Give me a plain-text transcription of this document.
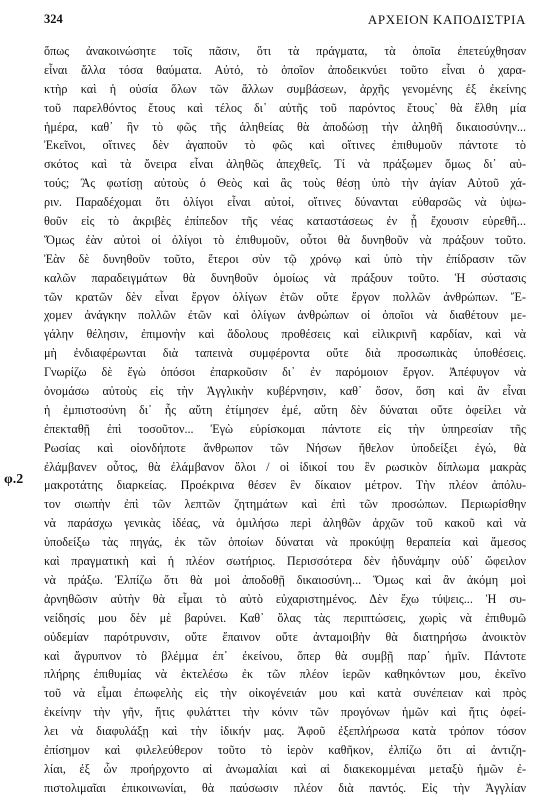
324	ΑΡΧΕΙΟΝ ΚΑΠΟΔΙΣΤΡΙΑ
φ.2
ὅπως ἀνακοινώσητε τοῖς πᾶσιν, ὅτι τὰ πράγματα, τὰ ὁποῖα ἐπετεύχθησαν
εἶναι ἄλλα τόσα θαύματα. Αὐτό, τὸ ὁποῖον ἀποδεικνύει τοῦτο εἶναι ὁ χαρα-
κτὴρ καὶ ἡ οὐσία ὅλων τῶν ἄλλων συμβάσεων, ἀρχῆς γενομένης ἐξ ἐκείνης
τοῦ παρελθόντος ἔτους καὶ τέλος δι᾽ αὐτῆς τοῦ παρόντος ἔτους᾽ θὰ ἔλθη μία
ἡμέρα, καθ᾽ ἣν τὸ φῶς τῆς ἀληθείας θὰ ἀποδώσῃ τὴν ἀληθῆ δικαιοσύνην...
Ἐκεῖνοι, οἵτινες δὲν ἀγαποῦν τὸ φῶς καὶ οἵτινες ἐπιθυμοῦν πάντοτε τὸ
σκότος καὶ τὰ ὄνειρα εἶναι ἀληθῶς ἀπεχθεῖς. Τί νὰ πράξωμεν ὅμως δι᾽ αὐ-
τούς; Ἂς φωτίσῃ αὐτοὺς ὁ Θεὸς καὶ ἂς τοὺς θέσῃ ὑπὸ τὴν ἁγίαν Αὐτοῦ χά-
ριν. Παραδέχομαι ὅτι ὀλίγοι εἶναι αὐτοί, οἵτινες δύνανται εὐθαρσῶς νὰ ὑψω-
θοῦν εἰς τὸ ἀκριβὲς ἐπίπεδον τῆς νέας καταστάσεως ἐν ᾗ ἔχουσιν εὑρεθῆ...
Ὅμως ἐὰν αὐτοὶ οἱ ὀλίγοι τὸ ἐπιθυμοῦν, οὗτοι θὰ δυνηθοῦν νὰ πράξουν τοῦτο.
Ἐὰν δὲ δυνηθοῦν τοῦτο, ἕτεροι σὺν τῷ χρόνῳ καὶ ὑπὸ τὴν ἐπίδρασιν τῶν
καλῶν παραδειγμάτων θὰ δυνηθοῦν ὁμοίως νὰ πράξουν τοῦτο. Ἡ σύστασις
τῶν κρατῶν δὲν εἶναι ἔργον ὀλίγων ἐτῶν οὔτε ἔργον πολλῶν ἀνθρώπων. Ἔ-
χομεν ἀνάγκην πολλῶν ἐτῶν καὶ ὀλίγων ἀνθρώπων οἱ ὁποῖοι νὰ διαθέτουν με-
γάλην θέλησιν, ἐπιμονὴν καὶ ἄδολους προθέσεις καὶ εἰλικρινῆ καρδίαν, καὶ νὰ
μὴ ἐνδιαφέρωνται διὰ ταπεινὰ συμφέροντα οὔτε διὰ προσωπικὰς ὑποθέσεις.
Γνωρίζω δὲ ἔγὼ ὁπόσοι ἐπαρκοῦσιν δι᾽ ἐν παρόμοιον ἔργον. Ἀπέφυγον νὰ
ὀνομάσω αὐτοὺς εἰς τὴν Ἀγγλικὴν κυβέρνησιν, καθ᾽ ὅσον, ὅση καὶ ἂν εἶναι
ἡ ἐμπιστοσύνη δι᾽ ἧς αὕτη ἐτίμησεν ἐμέ, αὕτη δὲν δύναται οὔτε ὀφείλει νὰ
ἐπεκταθῇ ἐπὶ τοσοῦτον... Ἐγὼ εὑρίσκομαι πάντοτε εἰς τὴν ὑπηρεσίαν τῆς
Ρωσίας καὶ οἱονδήποτε ἄνθρωπον τῶν Νήσων ἤθελον ὑποδείξει ἐγώ, θὰ
ἐλάμβανεν οὗτος, θὰ ἐλάμβανον ὅλοι / οἱ ἰδικοί του ἓν ρωσικὸν δίπλωμα μακρὰς
μακροτάτης διαρκείας. Προέκρινα θέσεν ἓν δίκαιον μέτρον. Τὴν πλέον ἀπόλυ-
τον σιωπὴν ἐπὶ τῶν λεπτῶν ζητημάτων καὶ ἐπὶ τῶν προσώπων. Περιωρίσθην
νὰ παράσχω γενικὰς ἰδέας, νὰ ὁμιλήσω περὶ ἀληθῶν ἀρχῶν τοῦ κακοῦ καὶ νὰ
ὑποδείξω τὰς πηγάς, ἐκ τῶν ὁποίων δύναται νὰ προκύψῃ θεραπεία καὶ ἄμεσος
καὶ πραγματικὴ καὶ ἡ πλέον σωτήριος. Περισσότερα δὲν ἠδυνάμην οὐδ᾽ ὤφειλον
νὰ πράξω. Ἐλπίζω ὅτι θὰ μοὶ ἀποδοθῇ δικαιοσύνη... Ὅμως καὶ ἂν ἀκόμη μοὶ
ἀρνηθῶσιν αὐτὴν θὰ εἶμαι τὸ αὐτὸ εὐχαριστημένος. Δὲν ἔχω τύψεις... Ἡ συ-
νείδησίς μου δὲν μὲ βαρύνει. Καθ᾽ ὅλας τὰς περιπτώσεις, χωρὶς νὰ ἐπιθυμῶ
οὐδεμίαν παρότρυνσιν, οὔτε ἔπαινον οὔτε ἀνταμοιβὴν θὰ διατηρήσω ἀνοικτὸν
καὶ ἄγρυπνον τὸ βλέμμα ἐπ᾽ ἐκείνου, ὅπερ θὰ συμβῇ παρ᾽ ἡμῖν. Πάντοτε
πλήρης ἐπιθυμίας νὰ ἐκτελέσω ἐκ τῶν πλέον ἱερῶν καθηκόντων μου, ἐκεῖνο
τοῦ νὰ εἶμαι ἐπωφελὴς εἰς τὴν οἰκογένειάν μου καὶ κατὰ συνέπειαν καὶ πρὸς
ἐκείνην τὴν γῆν, ἥτις φυλάττει τὴν κόνιν τῶν προγόνων ἡμῶν καὶ ἥτις ὀφεί-
λει νὰ διαφυλάξῃ καὶ τὴν ἰδικήν μας. Ἀφοῦ ἐξεπλήρωσα κατὰ τρόπον τόσον
ἐπίσημον καὶ φιλελεύθερον τοῦτο τὸ ἱερὸν καθῆκον, ἐλπίζω ὅτι αἱ ἀντιζη-
λίαι, ἐξ ὧν προήρχοντο αἱ ἀνωμαλίαι καὶ αἱ διακεκομμέναι μεταξὺ ἡμῶν ἐ-
πιστολιμαῖαι ἐπικοινωνίαι, θὰ παύσωσιν πλέον διὰ παντός. Εἰς τὴν Ἀγγλίαν
